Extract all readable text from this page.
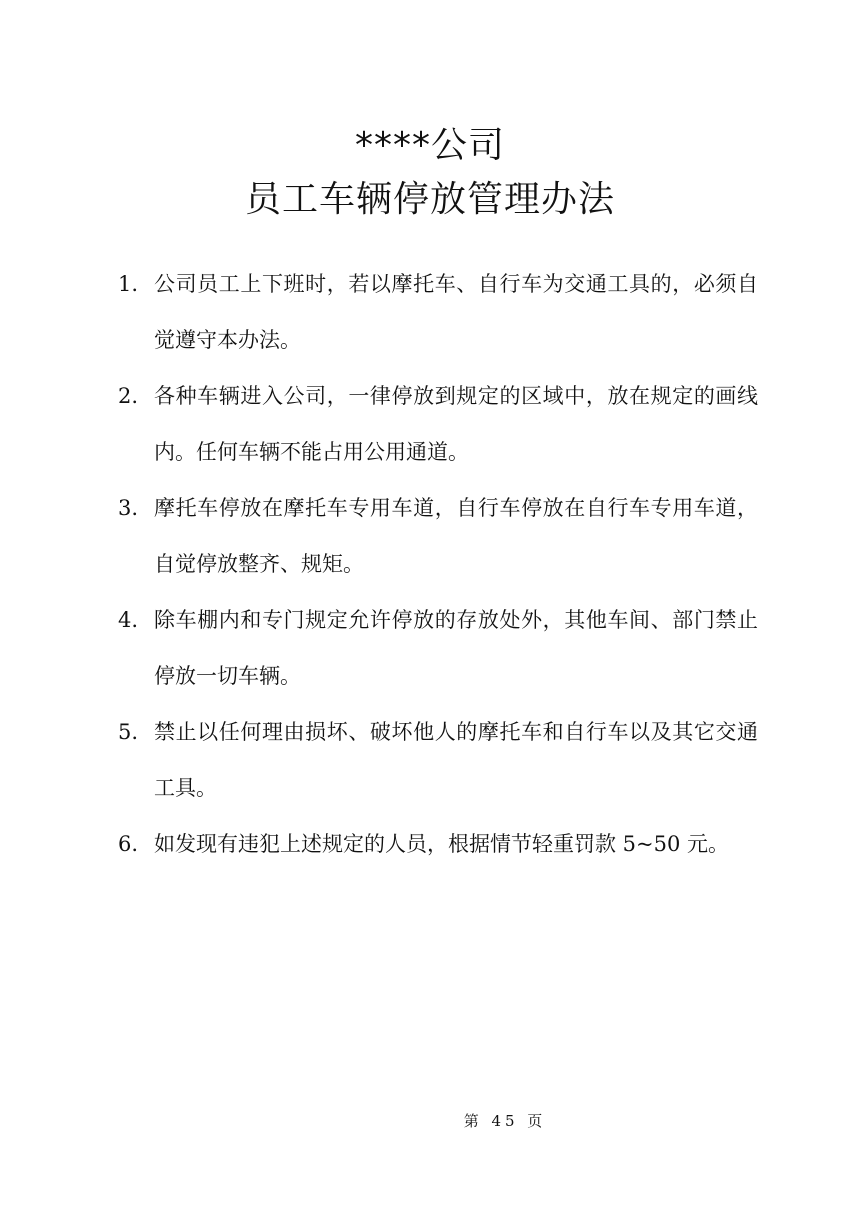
****公司
员工车辆停放管理办法
1. 公司员工上下班时，若以摩托车、自行车为交通工具的，必须自觉遵守本办法。
2. 各种车辆进入公司，一律停放到规定的区域中，放在规定的画线内。任何车辆不能占用公用通道。
3. 摩托车停放在摩托车专用车道，自行车停放在自行车专用车道，自觉停放整齐、规矩。
4. 除车棚内和专门规定允许停放的存放处外，其他车间、部门禁止停放一切车辆。
5. 禁止以任何理由损坏、破坏他人的摩托车和自行车以及其它交通工具。
6. 如发现有违犯上述规定的人员，根据情节轻重罚款 5~50 元。
第 45 页
